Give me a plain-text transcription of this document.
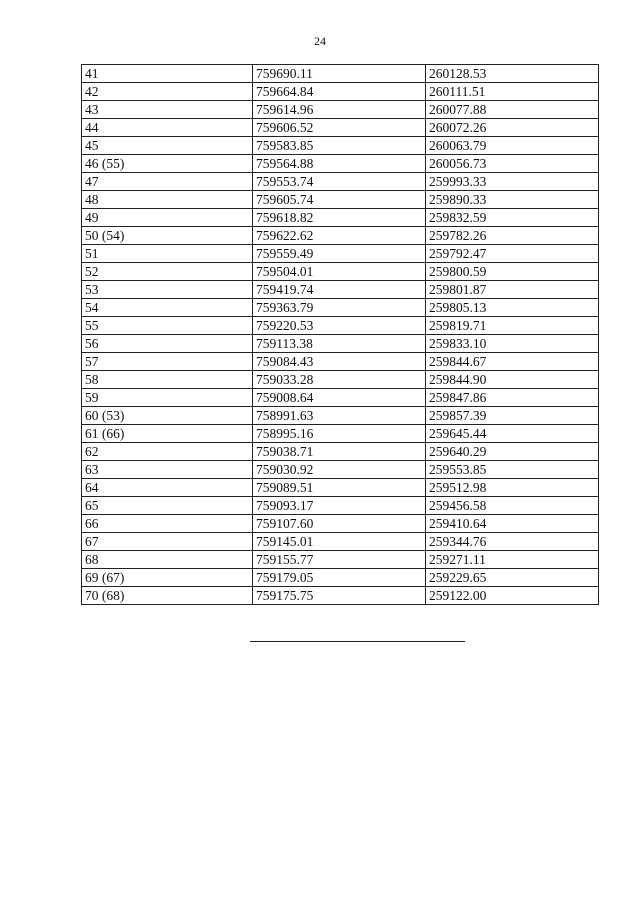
24
41	759690.11	260128.53
42	759664.84	260111.51
43	759614.96	260077.88
44	759606.52	260072.26
45	759583.85	260063.79
46 (55)	759564.88	260056.73
47	759553.74	259993.33
48	759605.74	259890.33
49	759618.82	259832.59
50 (54)	759622.62	259782.26
51	759559.49	259792.47
52	759504.01	259800.59
53	759419.74	259801.87
54	759363.79	259805.13
55	759220.53	259819.71
56	759113.38	259833.10
57	759084.43	259844.67
58	759033.28	259844.90
59	759008.64	259847.86
60 (53)	758991.63	259857.39
61 (66)	758995.16	259645.44
62	759038.71	259640.29
63	759030.92	259553.85
64	759089.51	259512.98
65	759093.17	259456.58
66	759107.60	259410.64
67	759145.01	259344.76
68	759155.77	259271.11
69 (67)	759179.05	259229.65
70 (68)	759175.75	259122.00
